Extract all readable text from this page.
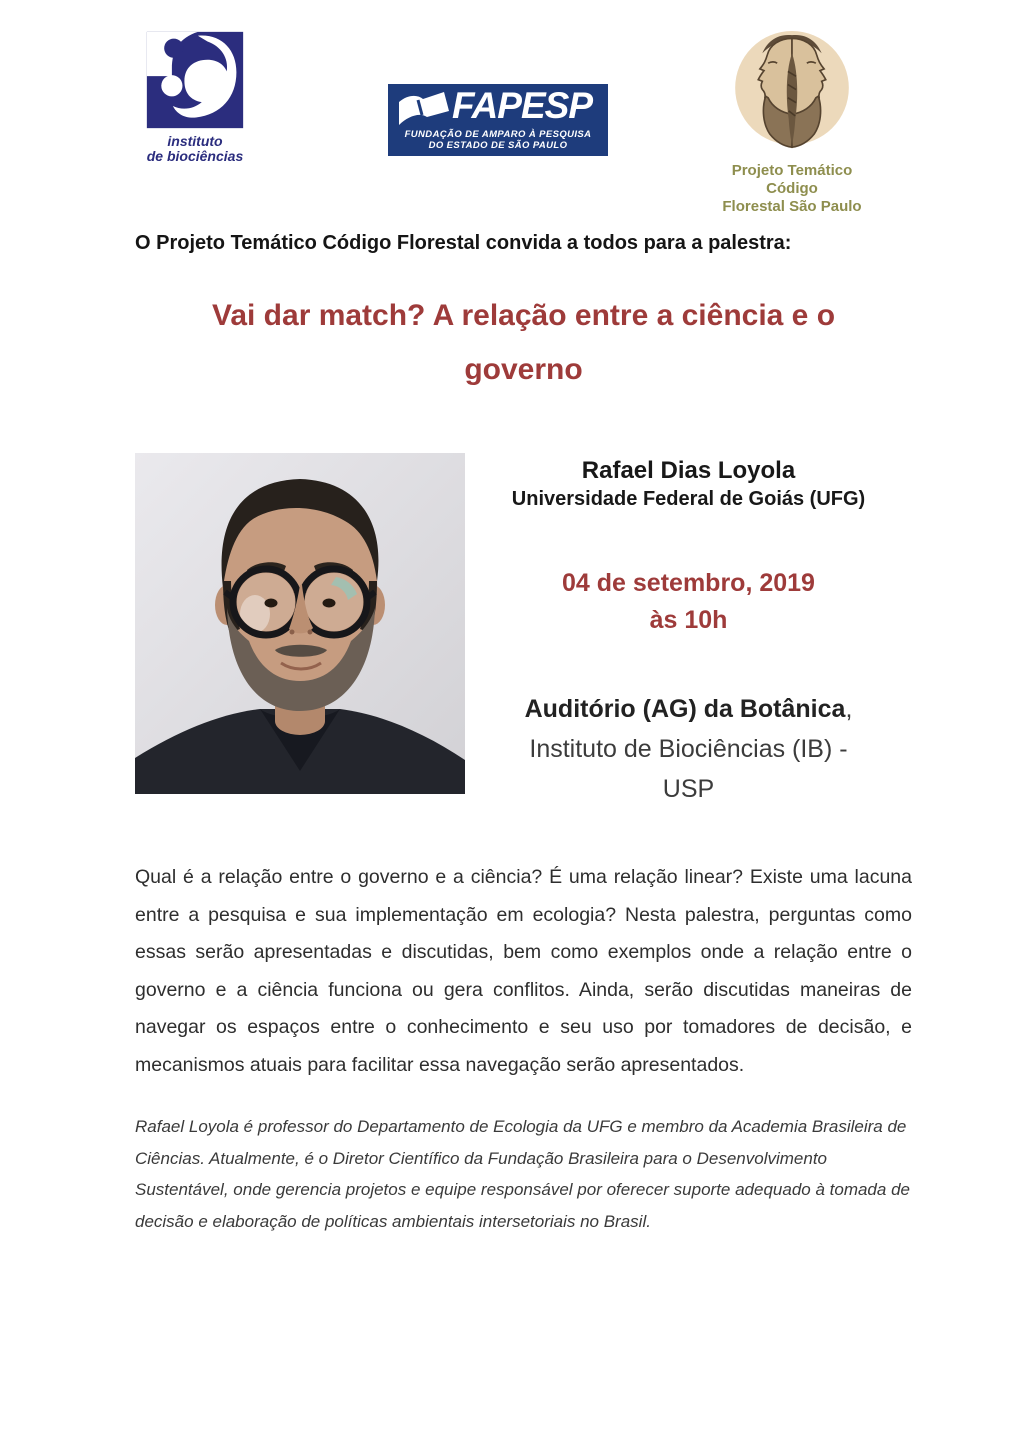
instituto
de biociências
FAPESP
FUNDAÇÃO DE AMPARO À PESQUISA
DO ESTADO DE SÃO PAULO
Projeto Temático Código
Florestal São Paulo

O Projeto Temático Código Florestal convida a todos para a palestra:

Vai dar match? A relação entre a ciência e o
governo
Rafael Dias Loyola
Universidade Federal de Goiás (UFG)
04 de setembro, 2019
às 10h
Auditório (AG) da Botânica,
Instituto de Biociências (IB) -
USP

Qual é a relação entre o governo e a ciência? É uma relação linear? Existe uma lacuna entre a pesquisa e sua implementação em ecologia? Nesta palestra, perguntas como essas serão apresentadas e discutidas, bem como exemplos onde a relação entre o governo e a ciência funciona ou gera conflitos. Ainda, serão discutidas maneiras de navegar os espaços entre o conhecimento e seu uso por tomadores de decisão, e mecanismos atuais para facilitar essa navegação serão apresentados.

Rafael Loyola é professor do Departamento de Ecologia da UFG e membro da Academia Brasileira de Ciências. Atualmente, é o Diretor Científico da Fundação Brasileira para o Desenvolvimento Sustentável, onde gerencia projetos e equipe responsável por oferecer suporte adequado à tomada de decisão e elaboração de políticas ambientais intersetoriais no Brasil.
